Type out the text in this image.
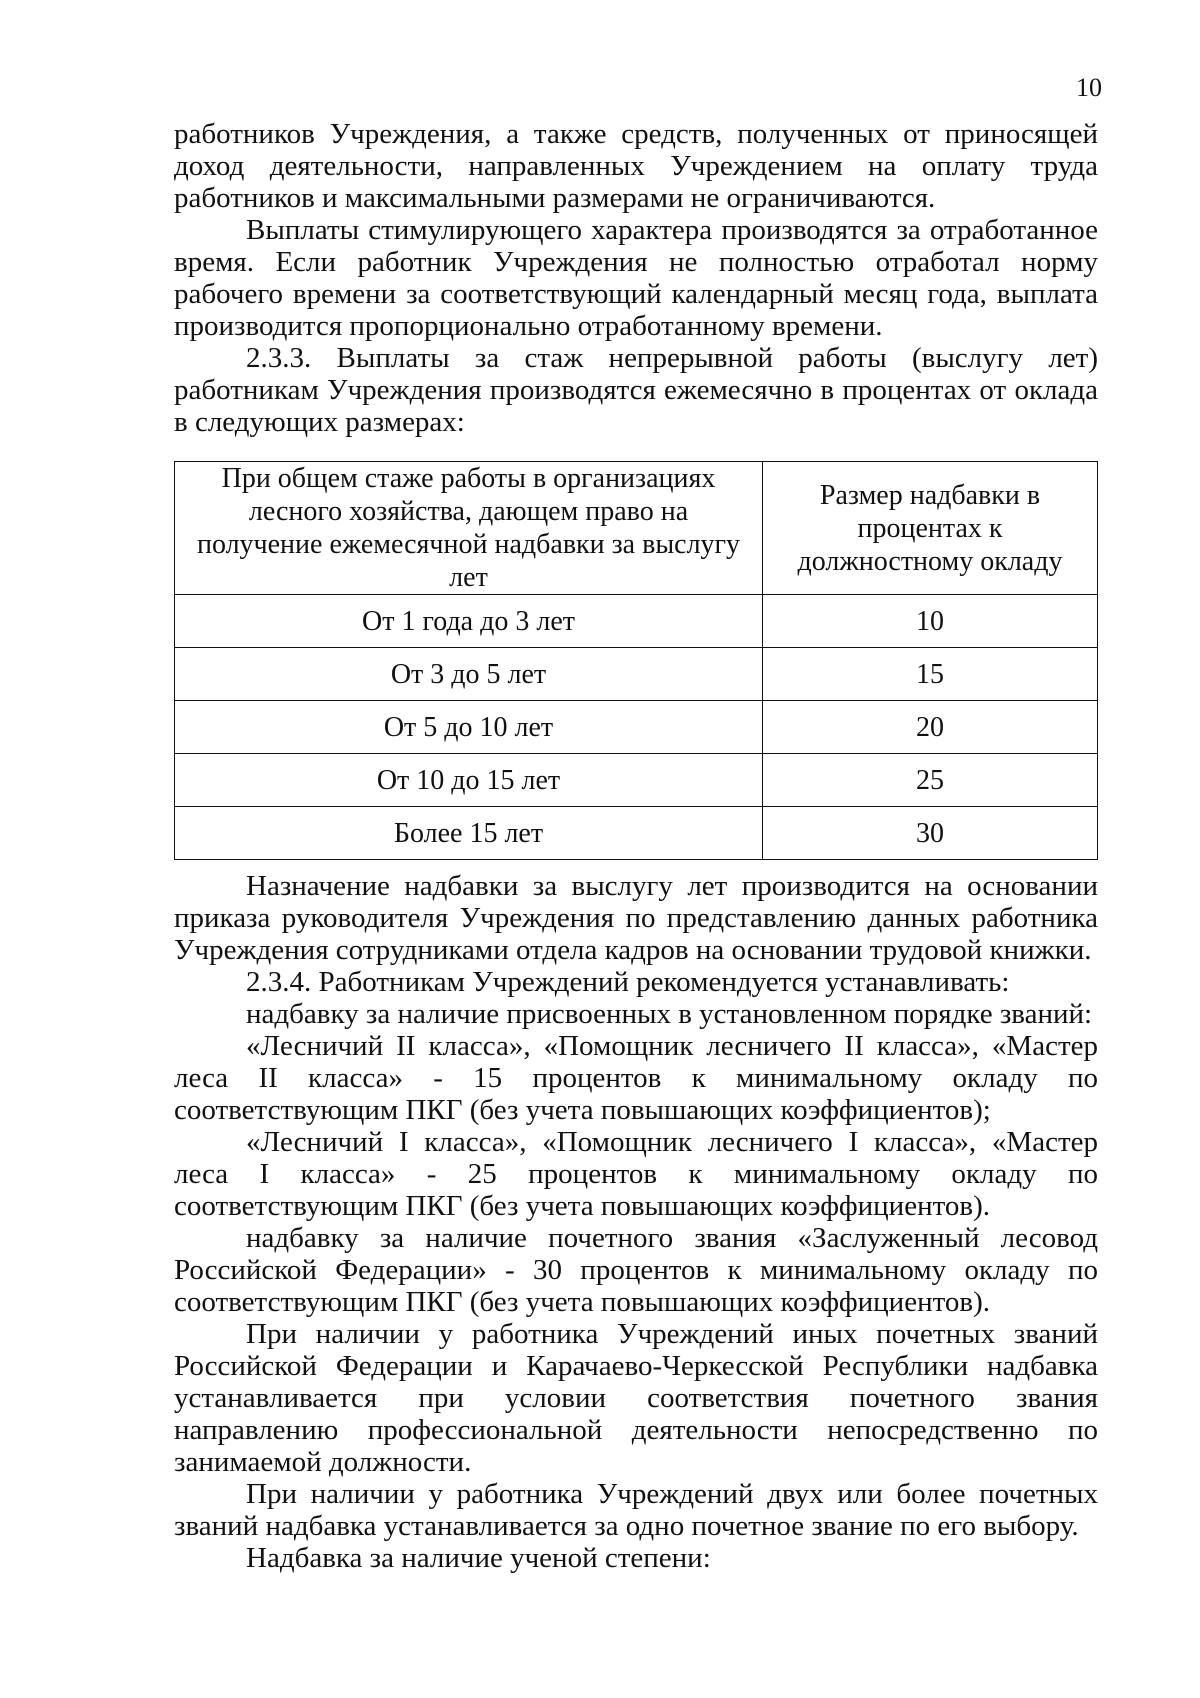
10

работников Учреждения, а также средств, полученных от приносящей доход деятельности, направленных Учреждением на оплату труда работников и максимальными размерами не ограничиваются.

Выплаты стимулирующего характера производятся за отработанное время. Если работник Учреждения не полностью отработал норму рабочего времени за соответствующий календарный месяц года, выплата производится пропорционально отработанному времени.

2.3.3. Выплаты за стаж непрерывной работы (выслугу лет) работникам Учреждения производятся ежемесячно в процентах от оклада в следующих размерах:

При общем стаже работы в организациях лесного хозяйства, дающем право на получение ежемесячной надбавки за выслугу лет	Размер надбавки в процентах к должностному окладу
От 1 года до 3 лет	10
От 3 до 5 лет	15
От 5 до 10 лет	20
От 10 до 15 лет	25
Более 15 лет	30

Назначение надбавки за выслугу лет производится на основании приказа руководителя Учреждения по представлению данных работника Учреждения сотрудниками отдела кадров на основании трудовой книжки.

2.3.4. Работникам Учреждений рекомендуется устанавливать:

надбавку за наличие присвоенных в установленном порядке званий:

«Лесничий II класса», «Помощник лесничего II класса», «Мастер леса II класса» - 15 процентов к минимальному окладу по соответствующим ПКГ (без учета повышающих коэффициентов);

«Лесничий I класса», «Помощник лесничего I класса», «Мастер леса I класса» - 25 процентов к минимальному окладу по соответствующим ПКГ (без учета повышающих коэффициентов).

надбавку за наличие почетного звания «Заслуженный лесовод Российской Федерации» - 30 процентов к минимальному окладу по соответствующим ПКГ (без учета повышающих коэффициентов).

При наличии у работника Учреждений иных почетных званий Российской Федерации и Карачаево-Черкесской Республики надбавка устанавливается при условии соответствия почетного звания направлению профессиональной деятельности непосредственно по занимаемой должности.

При наличии у работника Учреждений двух или более почетных званий надбавка устанавливается за одно почетное звание по его выбору.

Надбавка за наличие ученой степени:
